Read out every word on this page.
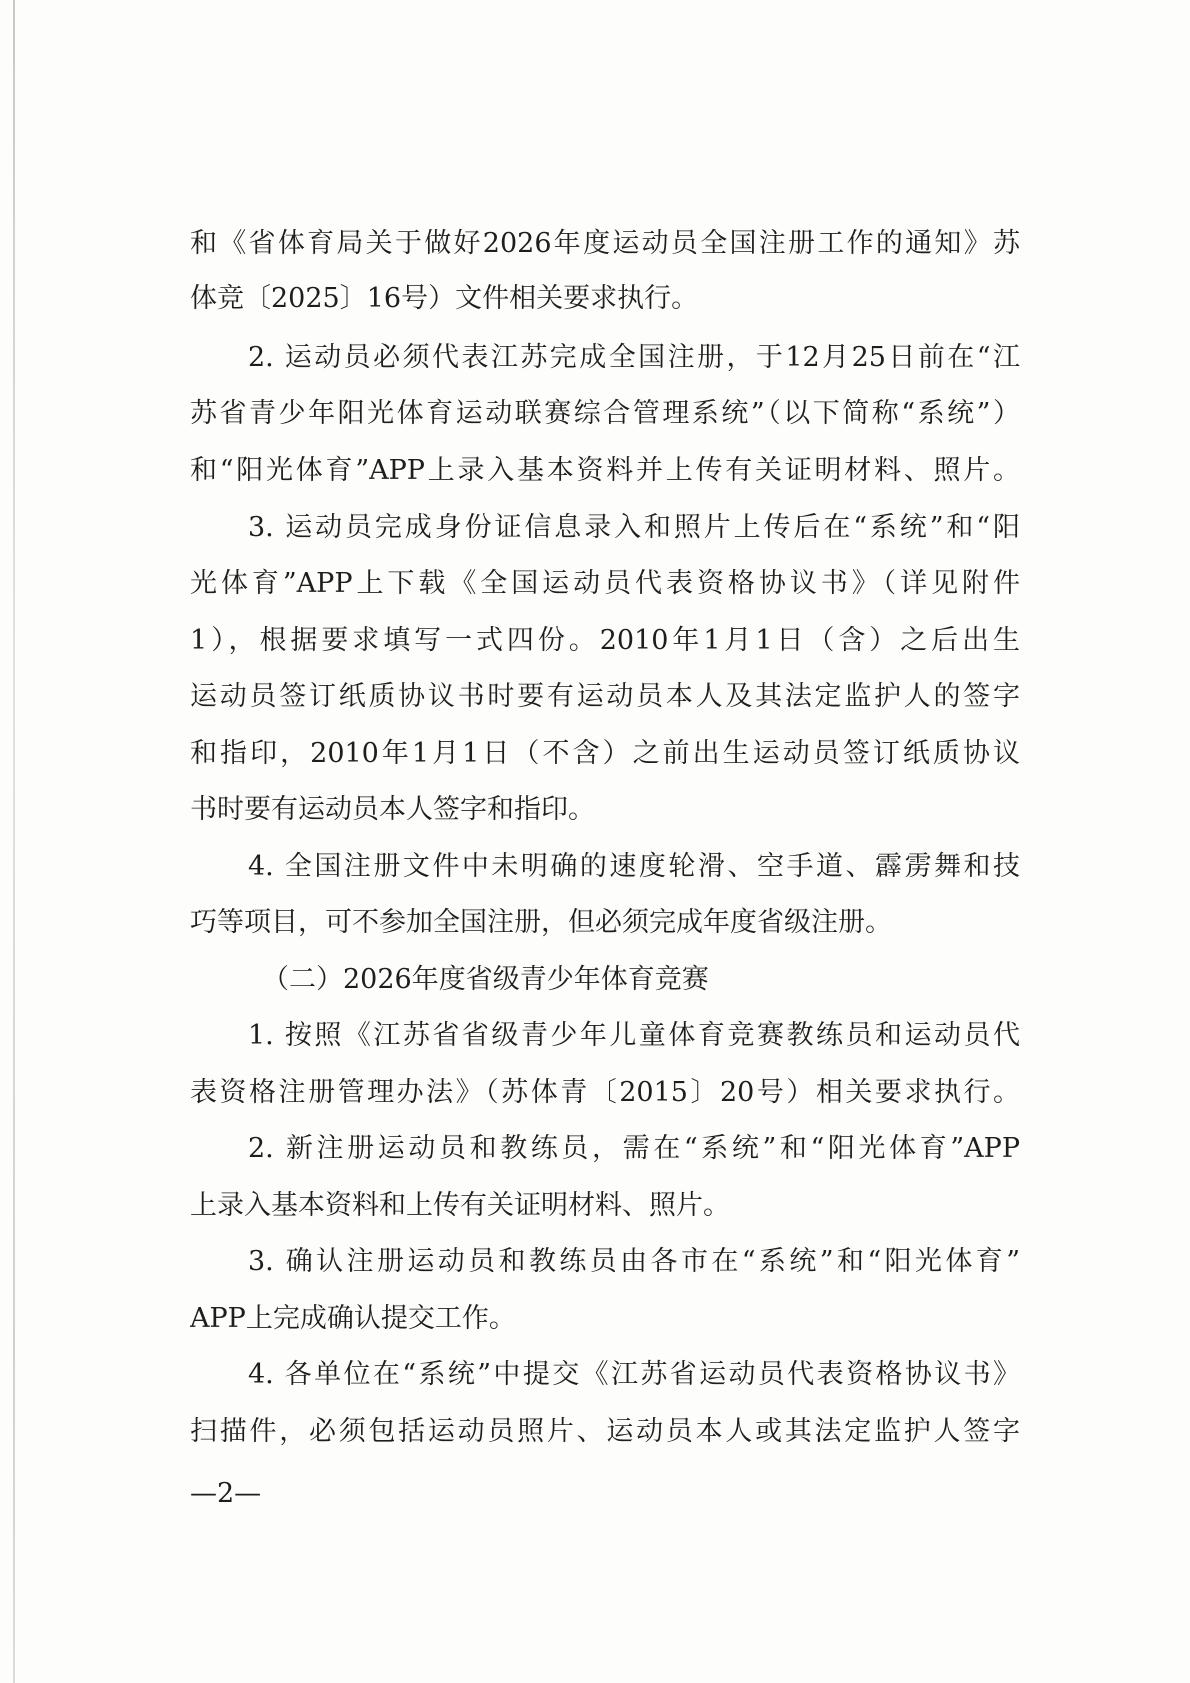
和《省体育局关于做好2026年度运动员全国注册工作的通知》苏
体竞〔2025〕16号）文件相关要求执行。
2. 运动员必须代表江苏完成全国注册，于12月25日前在“江
苏省青少年阳光体育运动联赛综合管理系统”（以下简称“系统”）
和“阳光体育”APP上录入基本资料并上传有关证明材料、照片。
3. 运动员完成身份证信息录入和照片上传后在“系统”和“阳
光体育”APP上下载《全国运动员代表资格协议书》（详见附件
1），根据要求填写一式四份。2010年1月1日（含）之后出生
运动员签订纸质协议书时要有运动员本人及其法定监护人的签字
和指印，2010年1月1日（不含）之前出生运动员签订纸质协议
书时要有运动员本人签字和指印。
4. 全国注册文件中未明确的速度轮滑、空手道、霹雳舞和技
巧等项目，可不参加全国注册，但必须完成年度省级注册。
（二）2026年度省级青少年体育竞赛
1. 按照《江苏省省级青少年儿童体育竞赛教练员和运动员代
表资格注册管理办法》（苏体青〔2015〕20号）相关要求执行。
2. 新注册运动员和教练员，需在“系统”和“阳光体育”APP
上录入基本资料和上传有关证明材料、照片。
3. 确认注册运动员和教练员由各市在“系统”和“阳光体育”
APP上完成确认提交工作。
4. 各单位在“系统”中提交《江苏省运动员代表资格协议书》
扫描件，必须包括运动员照片、运动员本人或其法定监护人签字
—2—
